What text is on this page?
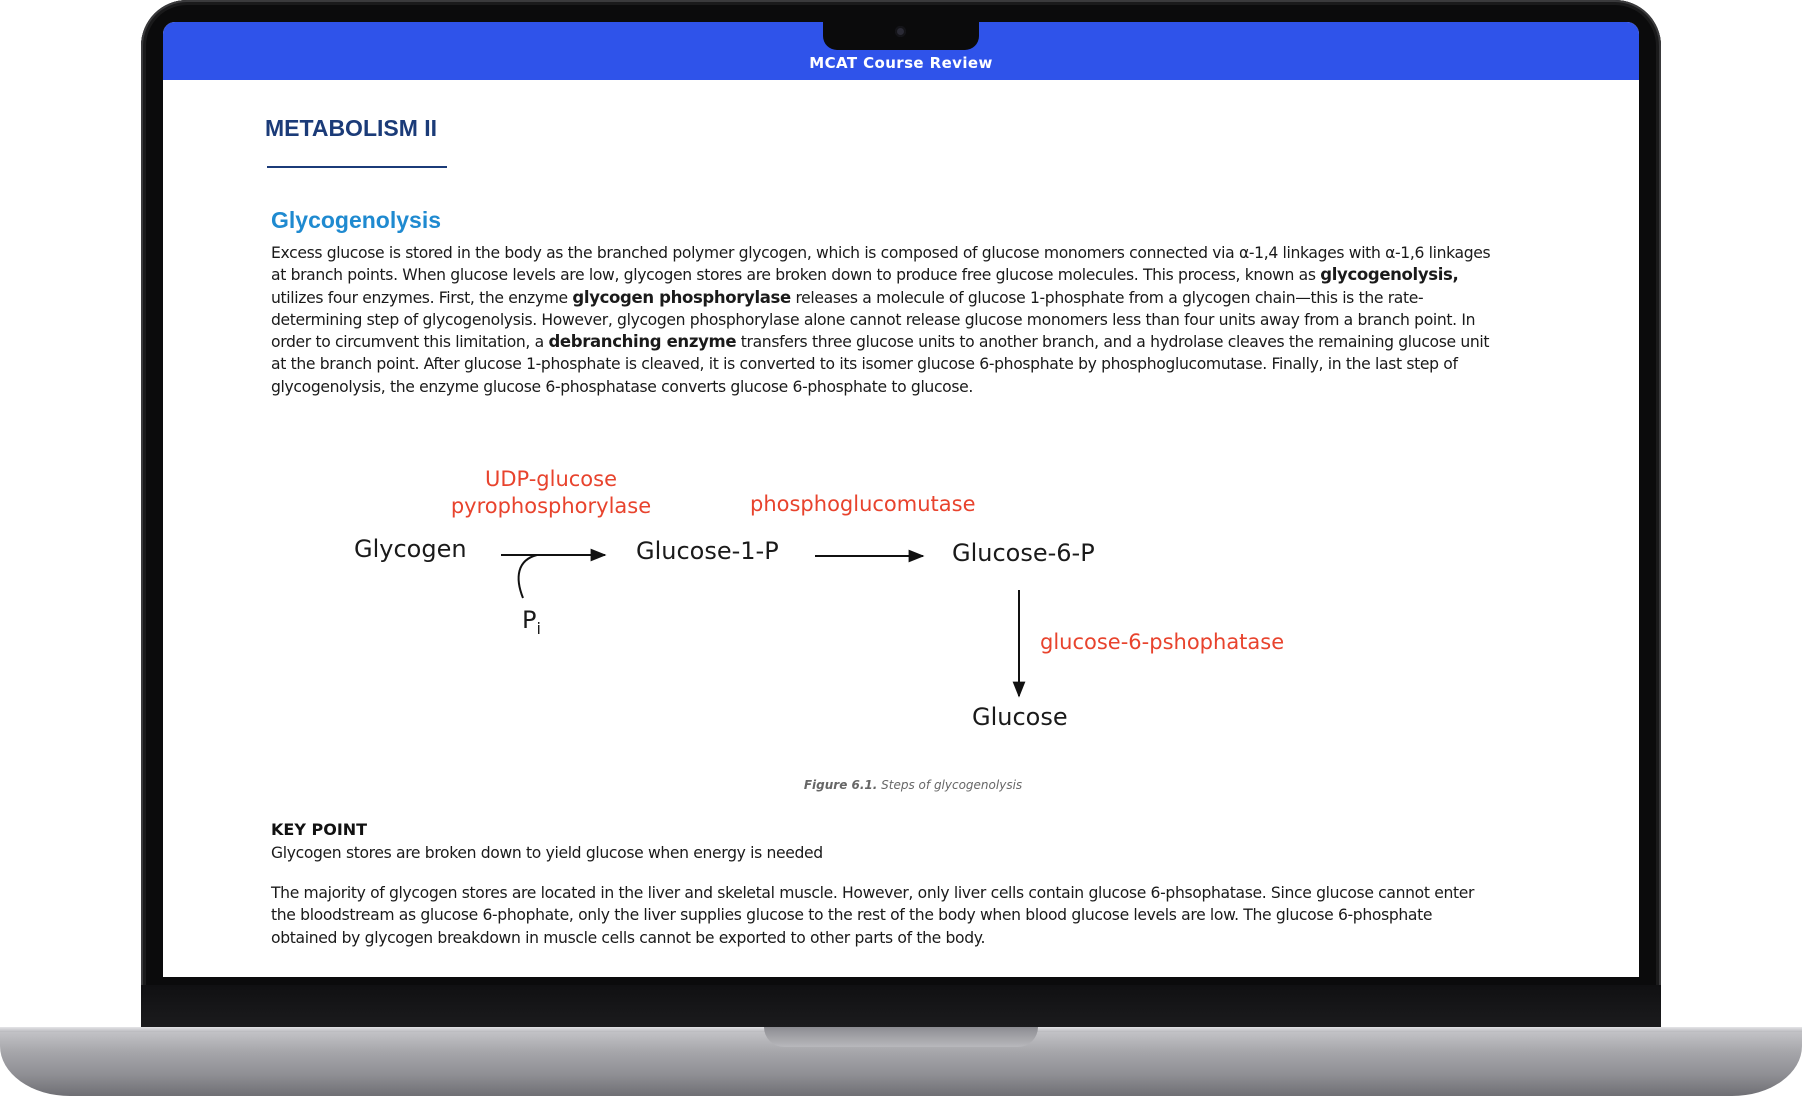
MCAT Course Review
METABOLISM II
Glycogenolysis

Excess glucose is stored in the body as the branched polymer glycogen, which is composed of glucose monomers connected via α-1,4 linkages with α-1,6 linkages at branch points. When glucose levels are low, glycogen stores are broken down to produce free glucose molecules. This process, known as glycogenolysis, utilizes four enzymes. First, the enzyme glycogen phosphorylase releases a molecule of glucose 1-phosphate from a glycogen chain—this is the rate-determining step of glycogenolysis. However, glycogen phosphorylase alone cannot release glucose monomers less than four units away from a branch point. In order to circumvent this limitation, a debranching enzyme transfers three glucose units to another branch, and a hydrolase cleaves the remaining glucose unit at the branch point. After glucose 1-phosphate is cleaved, it is converted to its isomer glucose 6-phosphate by phosphoglucomutase. Finally, in the last step of glycogenolysis, the enzyme glucose 6-phosphatase converts glucose 6-phosphate to glucose.

Glycogen	Glucose-1-P	Glucose-6-P
Glucose
$P_i$
UDP-glucose
pyrophosphorylase	phosphoglucomutase
glucose-6-pshophatase
Figure 6.1. Steps of glycogenolysis
KEY POINT
Glycogen stores are broken down to yield glucose when energy is needed

The majority of glycogen stores are located in the liver and skeletal muscle. However, only liver cells contain glucose 6-phsophatase. Since glucose cannot enter the bloodstream as glucose 6-phophate, only the liver supplies glucose to the rest of the body when blood glucose levels are low. The glucose 6-phosphate obtained by glycogen breakdown in muscle cells cannot be exported to other parts of the body.
